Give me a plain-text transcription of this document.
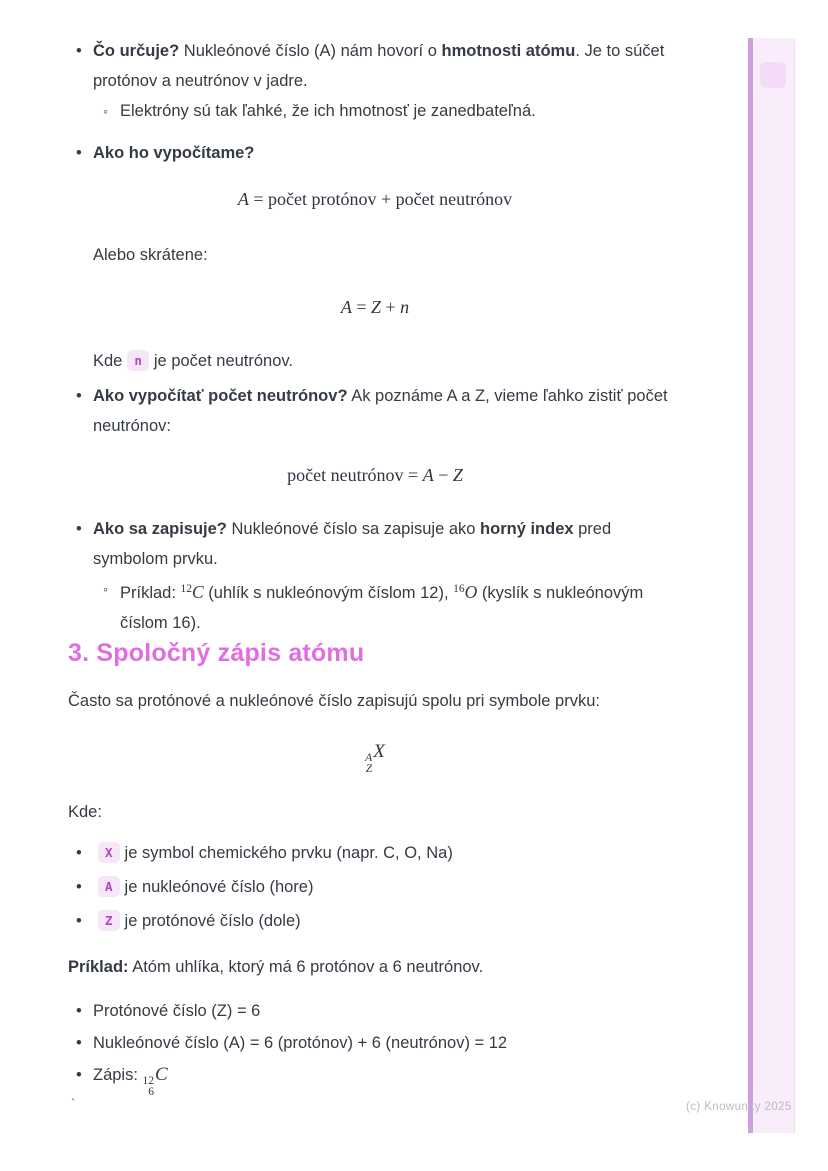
• Čo určuje? Nukleónové číslo (A) nám hovorí o hmotnosti atómu. Je to súčet protónov a neutrónov v jadre.
◦ Elektróny sú tak ľahké, že ich hmotnosť je zanedbateľná.
• Ako ho vypočítame?
A = počet protónov + počet neutrónov
Alebo skrátene:
A = Z + n
Kde n je počet neutrónov.
• Ako vypočítať počet neutrónov? Ak poznáme A a Z, vieme ľahko zistiť počet neutrónov:
počet neutrónov = A − Z
• Ako sa zapisuje? Nukleónové číslo sa zapisuje ako horný index pred symbolom prvku.
◦ Príklad: $^{12}$C (uhlík s nukleónovým číslom 12), $^{16}$O (kyslík s nukleónovým číslom 16).
3. Spoločný zápis atómu
Často sa protónové a nukleónové číslo zapisujú spolu pri symbole prvku:
A
Z
X
Kde:
• X je symbol chemického prvku (napr. C, O, Na)
• A je nukleónové číslo (hore)
• Z je protónové číslo (dole)
Príklad: Atóm uhlíka, ktorý má 6 protónov a 6 neutrónov.
• Protónové číslo (Z) = 6
• Nukleónové číslo (A) = 6 (protónov) + 6 (neutrónov) = 12
• Zápis: 12
6
C
`	(c) Knowunity 2025
